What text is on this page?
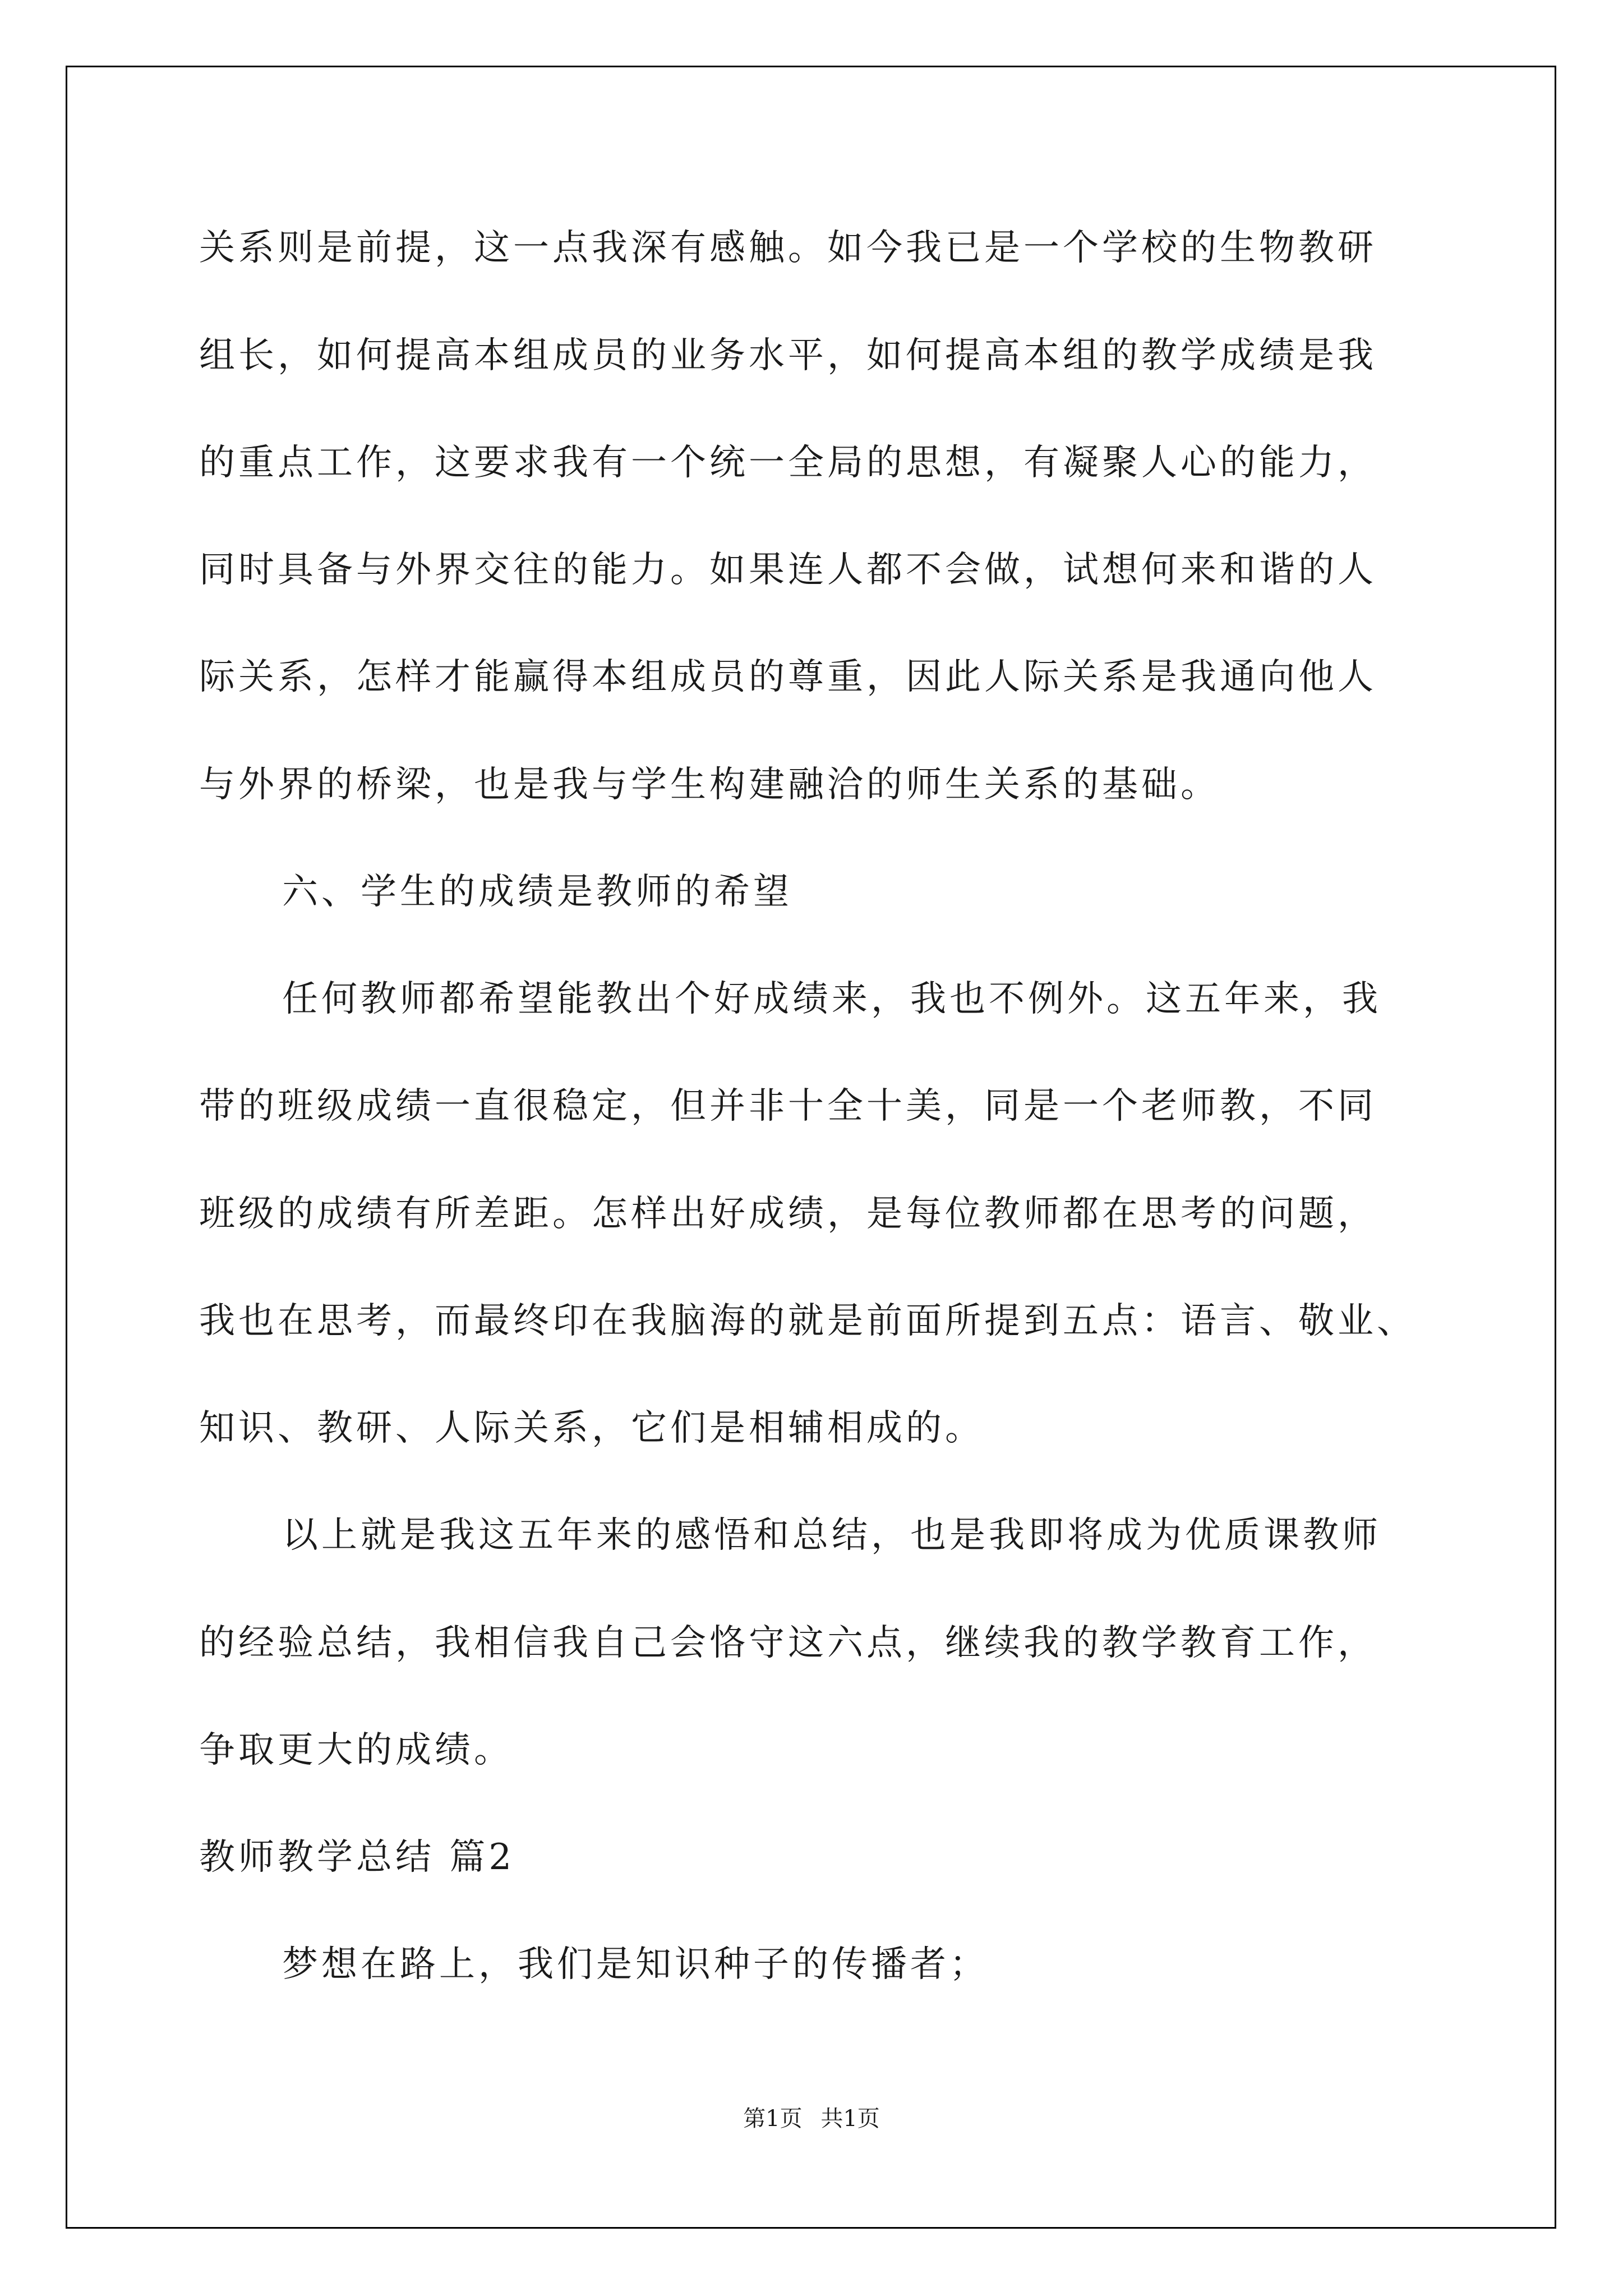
关系则是前提，这一点我深有感触。如今我已是一个学校的生物教研

组长，如何提高本组成员的业务水平，如何提高本组的教学成绩是我

的重点工作，这要求我有一个统一全局的思想，有凝聚人心的能力，

同时具备与外界交往的能力。如果连人都不会做，试想何来和谐的人

际关系，怎样才能赢得本组成员的尊重，因此人际关系是我通向他人

与外界的桥梁，也是我与学生构建融洽的师生关系的基础。

六、学生的成绩是教师的希望

任何教师都希望能教出个好成绩来，我也不例外。这五年来，我

带的班级成绩一直很稳定，但并非十全十美，同是一个老师教，不同

班级的成绩有所差距。怎样出好成绩，是每位教师都在思考的问题，

我也在思考，而最终印在我脑海的就是前面所提到五点：语言、敬业、

知识、教研、人际关系，它们是相辅相成的。

以上就是我这五年来的感悟和总结，也是我即将成为优质课教师

的经验总结，我相信我自己会恪守这六点，继续我的教学教育工作，

争取更大的成绩。

教师教学总结 篇2

梦想在路上，我们是知识种子的传播者；

第1页 共1页
